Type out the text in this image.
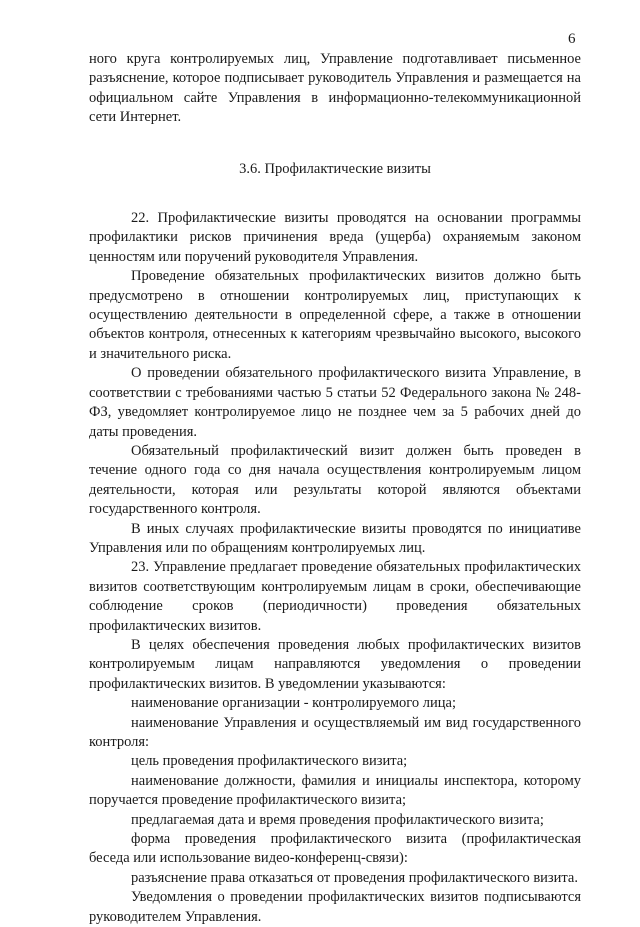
6

ного круга контролируемых лиц, Управление подготавливает письменное разъяснение, которое подписывает руководитель Управления и размещается на официальном сайте Управления в информационно-телекоммуникационной сети Интернет.

3.6. Профилактические визиты

22. Профилактические визиты проводятся на основании программы профилактики рисков причинения вреда (ущерба) охраняемым законом ценностям или поручений руководителя Управления.

Проведение обязательных профилактических визитов должно быть предусмотрено в отношении контролируемых лиц, приступающих к осуществлению деятельности в определенной сфере, а также в отношении объектов контроля, отнесенных к категориям чрезвычайно высокого, высокого и значительного риска.

О проведении обязательного профилактического визита Управление, в соответствии с требованиями частью 5 статьи 52 Федерального закона № 248-ФЗ, уведомляет контролируемое лицо не позднее чем за 5 рабочих дней до даты проведения.

Обязательный профилактический визит должен быть проведен в течение одного года со дня начала осуществления контролируемым лицом деятельности, которая или результаты которой являются объектами государственного контроля.

В иных случаях профилактические визиты проводятся по инициативе Управления или по обращениям контролируемых лиц.

23. Управление предлагает проведение обязательных профилактических визитов соответствующим контролируемым лицам в сроки, обеспечивающие соблюдение сроков (периодичности) проведения обязательных профилактических визитов.

В целях обеспечения проведения любых профилактических визитов контролируемым лицам направляются уведомления о проведении профилактических визитов. В уведомлении указываются:

наименование организации - контролируемого лица;

наименование Управления и осуществляемый им вид государственного контроля:

цель проведения профилактического визита;

наименование должности, фамилия и инициалы инспектора, которому поручается проведение профилактического визита;

предлагаемая дата и время проведения профилактического визита;

форма проведения профилактического визита (профилактическая беседа или использование видео-конференц-связи):

разъяснение права отказаться от проведения профилактического визита.

Уведомления о проведении профилактических визитов подписываются руководителем Управления.
